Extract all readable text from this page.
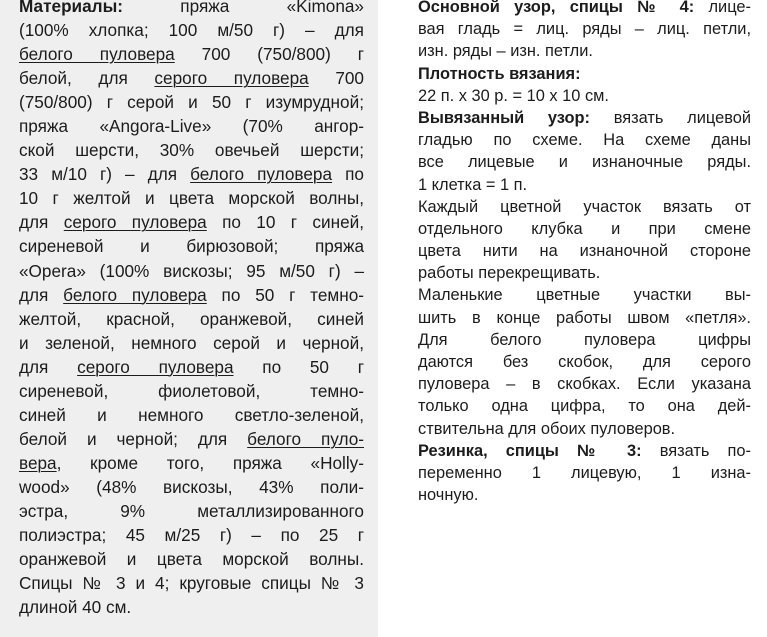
Материалы:	пряжа «Kimona»
(100% хлопка; 100 м/50 г) – для
белого пуловера 700 (750/800) г
белой, для серого пуловера 700
(750/800) г серой и 50 г изумрудной;
пряжа «Angora-Live» (70% ангор-
ской шерсти, 30% овечьей шерсти;
33 м/10 г) – для белого пуловера по
10 г желтой и цвета морской волны,
для серого пуловера по 10 г синей,
сиреневой и бирюзовой; пряжа
«Opera» (100% вискозы; 95 м/50 г) –
для белого пуловера по 50 г темно-
желтой, красной, оранжевой, синей
и зеленой, немного серой и черной,
для серого пуловера по 50 г
сиреневой, фиолетовой, темно-
синей и немного светло-зеленой,
белой и черной; для белого пуло-
вера, кроме того, пряжа «Holly-
wood» (48% вискозы, 43% поли-
эстра, 9% металлизированного
полиэстра; 45 м/25 г) – по 25 г
оранжевой и цвета морской волны.
Спицы № 3 и 4; круговые спицы № 3
длиной 40 см.
Основной узор, спицы № 4: лице-
вая гладь = лиц. ряды – лиц. петли,
изн. ряды – изн. петли.
Плотность вязания:
22 п. x 30 р. = 10 x 10 см.
Вывязанный узор: вязать лицевой
гладью по схеме. На схеме даны
все лицевые и изнаночные ряды.
1 клетка = 1 п.
Каждый цветной участок вязать от
отдельного клубка и при смене
цвета нити на изнаночной стороне
работы перекрещивать.
Маленькие цветные участки вы-
шить в конце работы швом «петля».
Для белого пуловера цифры
даются без скобок, для серого
пуловера – в скобках. Если указана
только одна цифра, то она дей-
ствительна для обоих пуловеров.
Резинка, спицы № 3: вязать по-
переменно 1 лицевую, 1 изна-
ночную.
